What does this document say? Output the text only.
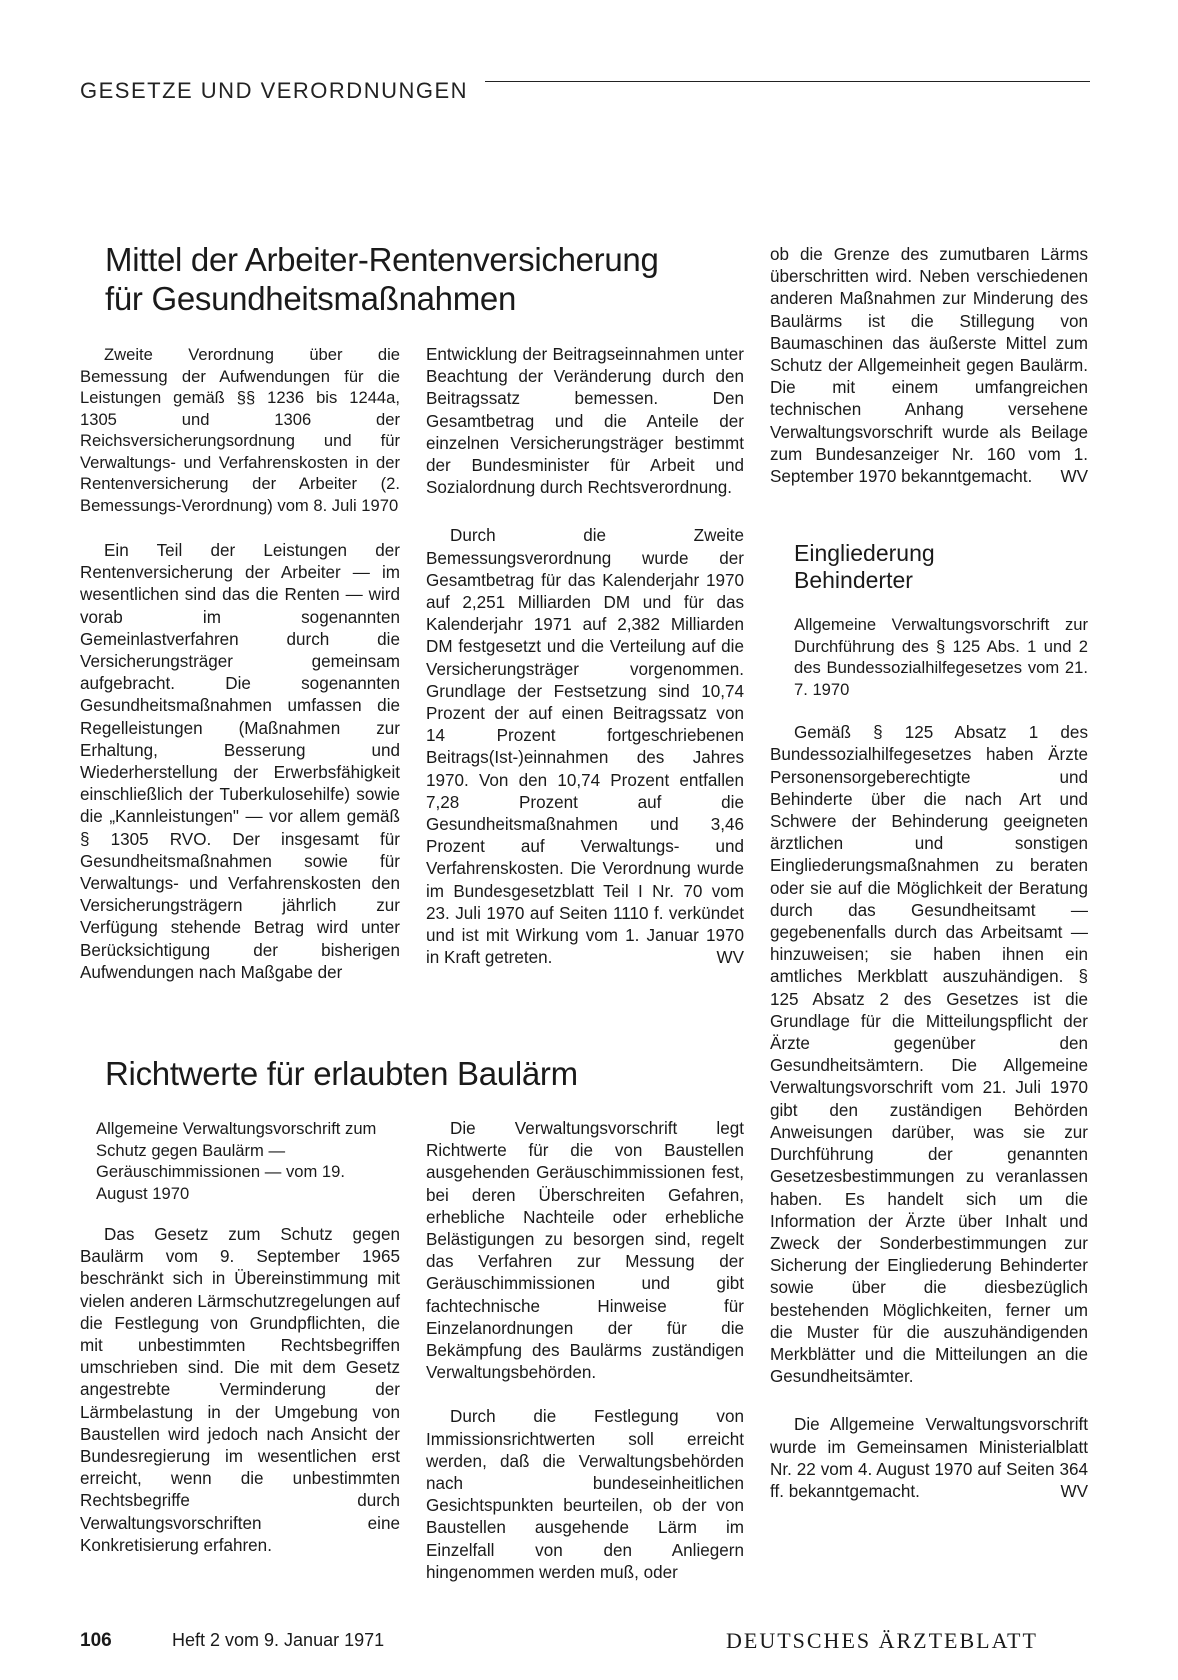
GESETZE UND VERORDNUNGEN
Mittel der Arbeiter-Rentenversicherung
für Gesundheitsmaßnahmen

Zweite Verordnung über die Bemessung der Aufwendungen für die Leistungen gemäß §§ 1236 bis 1244a, 1305 und 1306 der Reichsversicherungsordnung und für Verwaltungs- und Verfahrenskosten in der Rentenversicherung der Arbeiter (2. Bemessungs-Verordnung) vom 8. Juli 1970

Ein Teil der Leistungen der Rentenversicherung der Arbeiter — im wesentlichen sind das die Renten — wird vorab im sogenannten Gemeinlastverfahren durch die Versicherungsträger gemeinsam aufgebracht. Die sogenannten Gesundheitsmaßnahmen umfassen die Regelleistungen (Maßnahmen zur Erhaltung, Besserung und Wiederherstellung der Erwerbsfähigkeit einschließlich der Tuberkulosehilfe) sowie die „Kannleistungen" — vor allem gemäß § 1305 RVO. Der insgesamt für Gesundheitsmaßnahmen sowie für Verwaltungs- und Verfahrenskosten den Versicherungsträgern jährlich zur Verfügung stehende Betrag wird unter Berücksichtigung der bisherigen Aufwendungen nach Maßgabe der

Entwicklung der Beitragseinnahmen unter Beachtung der Veränderung durch den Beitragssatz bemessen. Den Gesamtbetrag und die Anteile der einzelnen Versicherungsträger bestimmt der Bundesminister für Arbeit und Sozialordnung durch Rechtsverordnung.

Durch die Zweite Bemessungsverordnung wurde der Gesamtbetrag für das Kalenderjahr 1970 auf 2,251 Milliarden DM und für das Kalenderjahr 1971 auf 2,382 Milliarden DM festgesetzt und die Verteilung auf die Versicherungsträger vorgenommen. Grundlage der Festsetzung sind 10,74 Prozent der auf einen Beitragssatz von 14 Prozent fortgeschriebenen Beitrags(Ist-)einnahmen des Jahres 1970. Von den 10,74 Prozent entfallen 7,28 Prozent auf die Gesundheitsmaßnahmen und 3,46 Prozent auf Verwaltungs- und Verfahrenskosten. Die Verordnung wurde im Bundesgesetzblatt Teil I Nr. 70 vom 23. Juli 1970 auf Seiten 1110 f. verkündet und ist mit Wirkung vom 1. Januar 1970 in Kraft getreten.	WV

Richtwerte für erlaubten Baulärm

Allgemeine Verwaltungsvorschrift zum Schutz gegen Baulärm — Geräuschimmissionen — vom 19. August 1970

Das Gesetz zum Schutz gegen Baulärm vom 9. September 1965 beschränkt sich in Übereinstimmung mit vielen anderen Lärmschutzregelungen auf die Festlegung von Grundpflichten, die mit unbestimmten Rechtsbegriffen umschrieben sind. Die mit dem Gesetz angestrebte Verminderung der Lärmbelastung in der Umgebung von Baustellen wird jedoch nach Ansicht der Bundesregierung im wesentlichen erst erreicht, wenn die unbestimmten Rechtsbegriffe durch Verwaltungsvorschriften eine Konkretisierung erfahren.

Die Verwaltungsvorschrift legt Richtwerte für die von Baustellen ausgehenden Geräuschimmissionen fest, bei deren Überschreiten Gefahren, erhebliche Nachteile oder erhebliche Belästigungen zu besorgen sind, regelt das Verfahren zur Messung der Geräuschimmissionen und gibt fachtechnische Hinweise für Einzelanordnungen der für die Bekämpfung des Baulärms zuständigen Verwaltungsbehörden.

Durch die Festlegung von Immissionsrichtwerten soll erreicht werden, daß die Verwaltungsbehörden nach bundeseinheitlichen Gesichtspunkten beurteilen, ob der von Baustellen ausgehende Lärm im Einzelfall von den Anliegern hingenommen werden muß, oder

ob die Grenze des zumutbaren Lärms überschritten wird. Neben verschiedenen anderen Maßnahmen zur Minderung des Baulärms ist die Stillegung von Baumaschinen das äußerste Mittel zum Schutz der Allgemeinheit gegen Baulärm. Die mit einem umfangreichen technischen Anhang versehene Verwaltungsvorschrift wurde als Beilage zum Bundesanzeiger Nr. 160 vom 1. September 1970 bekanntgemacht. WV

Eingliederung
Behinderter

Allgemeine Verwaltungsvorschrift zur Durchführung des § 125 Abs. 1 und 2 des Bundessozialhilfegesetzes vom 21. 7. 1970

Gemäß § 125 Absatz 1 des Bundessozialhilfegesetzes haben Ärzte Personensorgeberechtigte und Behinderte über die nach Art und Schwere der Behinderung geeigneten ärztlichen und sonstigen Eingliederungsmaßnahmen zu beraten oder sie auf die Möglichkeit der Beratung durch das Gesundheitsamt — gegebenenfalls durch das Arbeitsamt — hinzuweisen; sie haben ihnen ein amtliches Merkblatt auszuhändigen. § 125 Absatz 2 des Gesetzes ist die Grundlage für die Mitteilungspflicht der Ärzte gegenüber den Gesundheitsämtern. Die Allgemeine Verwaltungsvorschrift vom 21. Juli 1970 gibt den zuständigen Behörden Anweisungen darüber, was sie zur Durchführung der genannten Gesetzesbestimmungen zu veranlassen haben. Es handelt sich um die Information der Ärzte über Inhalt und Zweck der Sonderbestimmungen zur Sicherung der Eingliederung Behinderter sowie über die diesbezüglich bestehenden Möglichkeiten, ferner um die Muster für die auszuhändigenden Merkblätter und die Mitteilungen an die Gesundheitsämter.

Die Allgemeine Verwaltungsvorschrift wurde im Gemeinsamen Ministerialblatt Nr. 22 vom 4. August 1970 auf Seiten 364 ff. bekanntgemacht.	WV

106	Heft 2 vom 9. Januar 1971	DEUTSCHES ÄRZTEBLATT
